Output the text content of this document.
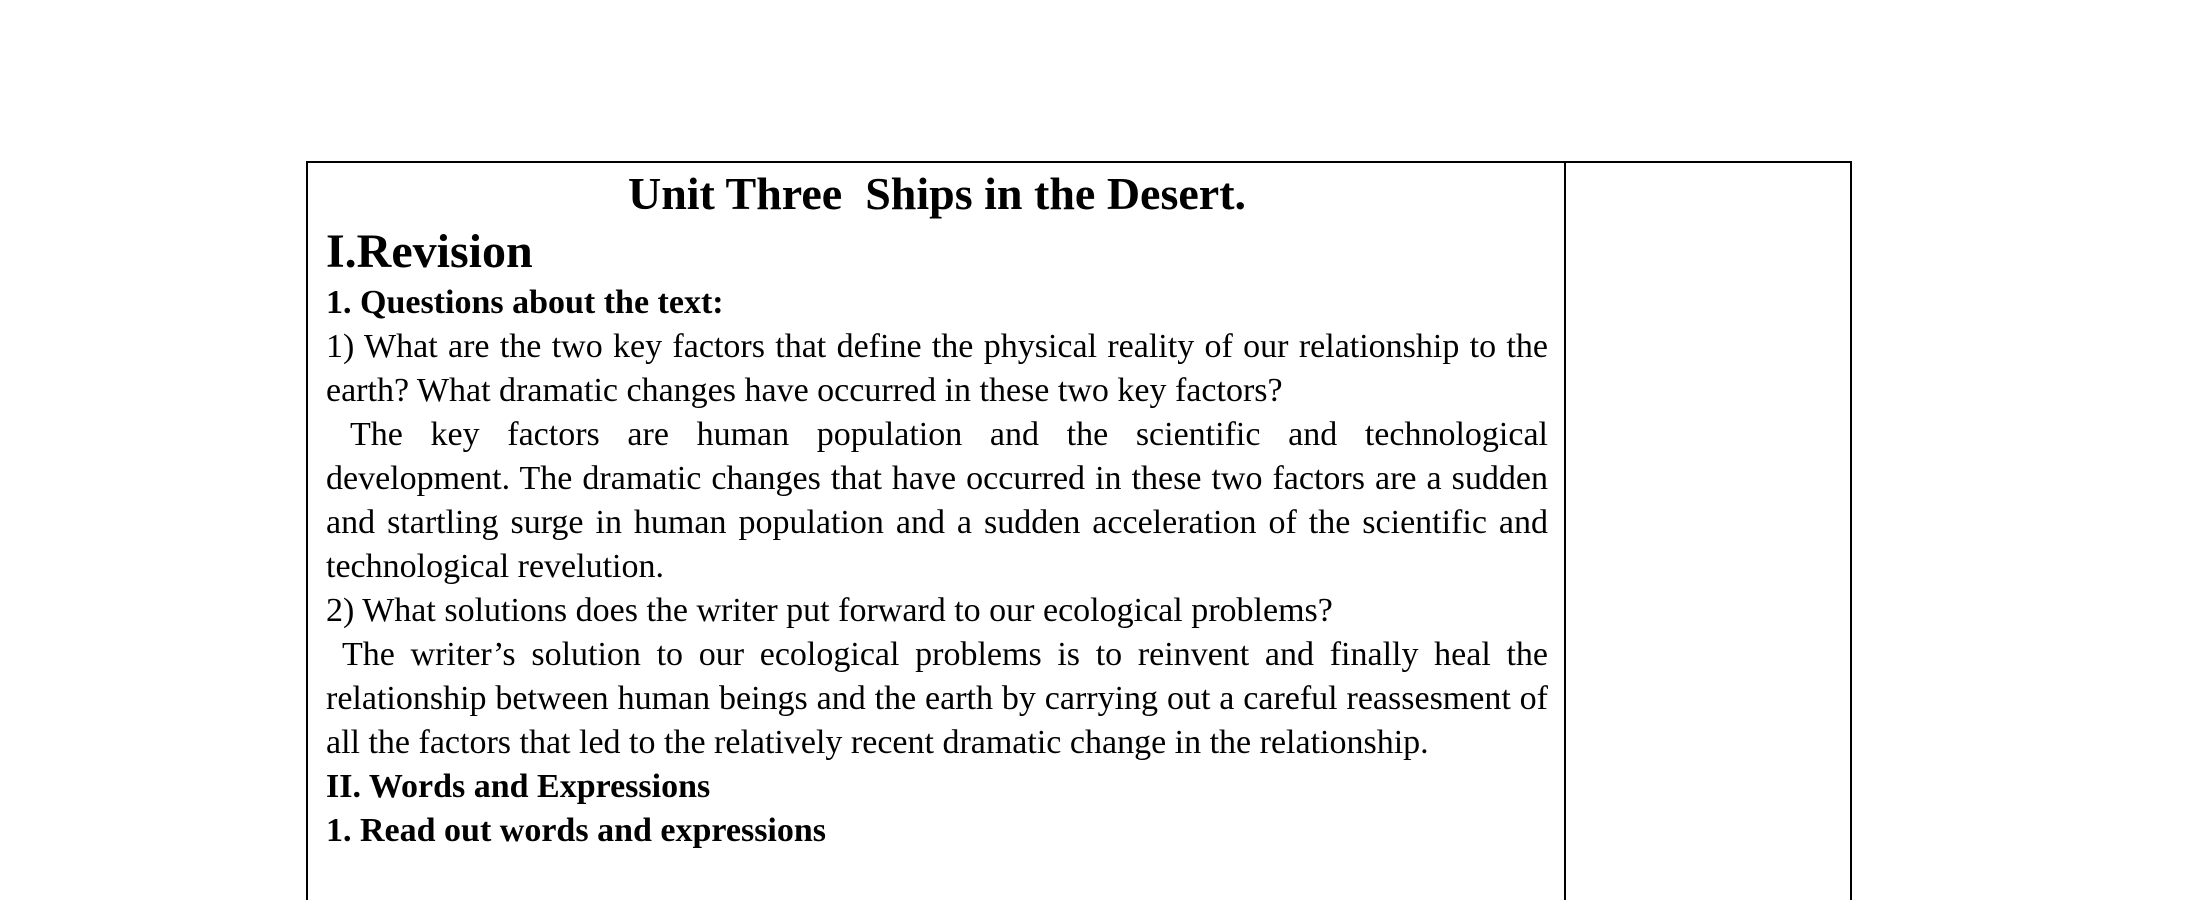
Unit Three  Ships in the Desert.

I.Revision

1. Questions about the text:

1) What are the two key factors that define the physical reality of our relationship to the earth? What dramatic changes have occurred in these two key factors?

The key factors are human population and the scientific and technological development. The dramatic changes that have occurred in these two factors are a sudden and startling surge in human population and a sudden acceleration of the scientific and technological revelution.

2) What solutions does the writer put forward to our ecological problems?

The writer’s solution to our ecological problems is to reinvent and finally heal the relationship between human beings and the earth by carrying out a careful reassesment of all the factors that led to the relatively recent dramatic change in the relationship.

II. Words and Expressions

1. Read out words and expressions
